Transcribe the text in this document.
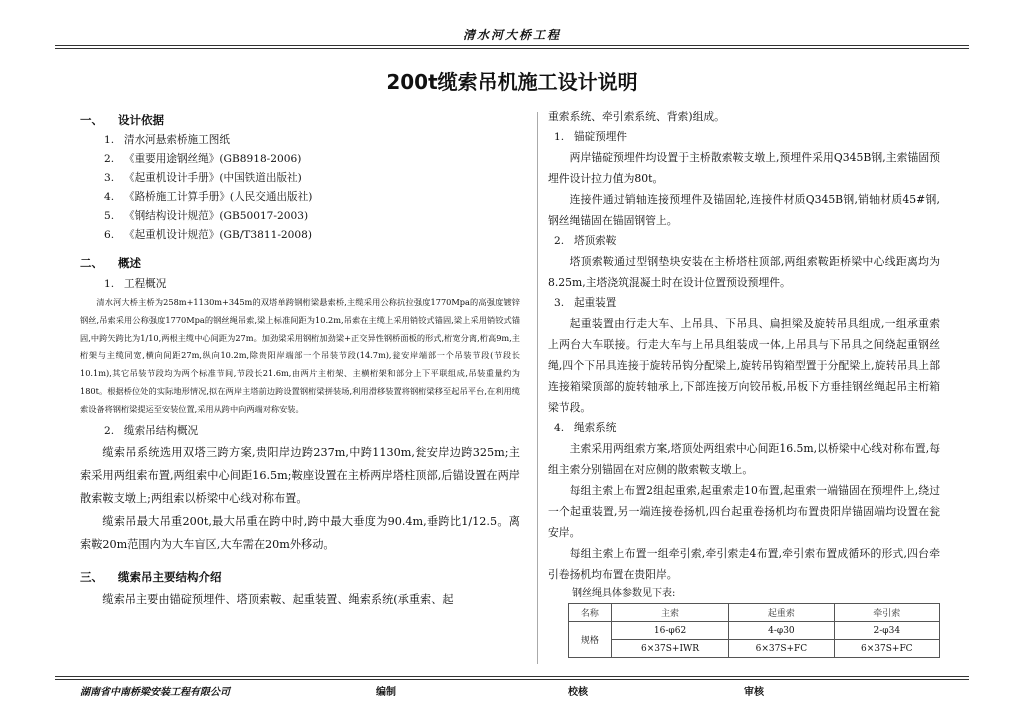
清水河大桥工程
200t缆索吊机施工设计说明
一、	设计依据
1. 清水河悬索桥施工图纸
2. 《重要用途钢丝绳》(GB8918-2006)
3. 《起重机设计手册》(中国铁道出版社)
4. 《路桥施工计算手册》(人民交通出版社)
5. 《钢结构设计规范》(GB50017-2003)
6. 《起重机设计规范》(GB/T3811-2008)
二、	概述
1. 工程概况

清水河大桥主桥为258m+1130m+345m的双塔单跨钢桁梁悬索桥,主缆采用公称抗拉强度1770Mpa的高强度镀锌钢丝,吊索采用公称强度1770Mpa的钢丝绳吊索,梁上标准间距为10.2m,吊索在主缆上采用销铰式锚固,梁上采用销铰式锚固,中跨矢跨比为1/10,两根主缆中心间距为27m。加劲梁采用钢桁加劲梁+正交异性钢桥面板的形式,桁宽分离,桁高9m,主桁架与主缆同宽,横向间距27m,纵向10.2m,除贵阳岸端部一个吊装节段(14.7m),瓮安岸端部一个吊装节段(节段长10.1m),其它吊装节段均为两个标准节间,节段长21.6m,由两片主桁架、主横桁架和部分上下平联组成,吊装重量约为180t。根据桥位处的实际地形情况,拟在两岸主塔前边跨设置钢桁梁拼装场,利用滑移装置将钢桁梁移至起吊平台,在利用缆索设备将钢桁梁提运至安装位置,采用从跨中向两端对称安装。

2. 缆索吊结构概况

缆索吊系统选用双塔三跨方案,贵阳岸边跨237m,中跨1130m,瓮安岸边跨325m;主索采用两组索布置,两组索中心间距16.5m;鞍座设置在主桥两岸塔柱顶部,后锚设置在两岸散索鞍支墩上;两组索以桥梁中心线对称布置。

缆索吊最大吊重200t,最大吊重在跨中时,跨中最大垂度为90.4m,垂跨比1/12.5。离索鞍20m范围内为大车盲区,大车需在20m外移动。

三、	缆索吊主要结构介绍

缆索吊主要由锚碇预埋件、塔顶索鞍、起重装置、绳索系统(承重索、起

重索系统、牵引索系统、背索)组成。

1. 锚碇预埋件

两岸锚碇预埋件均设置于主桥散索鞍支墩上,预埋件采用Q345B钢,主索锚固预埋件设计拉力值为80t。

连接件通过销轴连接预埋件及锚固轮,连接件材质Q345B钢,销轴材质45#钢,钢丝绳锚固在锚固钢管上。

2. 塔顶索鞍

塔顶索鞍通过型钢垫块安装在主桥塔柱顶部,两组索鞍距桥梁中心线距离均为8.25m,主塔浇筑混凝土时在设计位置预设预埋件。

3. 起重装置

起重装置由行走大车、上吊具、下吊具、扁担梁及旋转吊具组成,一组承重索上两台大车联接。行走大车与上吊具组装成一体,上吊具与下吊具之间绕起重钢丝绳,四个下吊具连接于旋转吊钩分配梁上,旋转吊钩箱型置于分配梁上,旋转吊具上部连接箱梁顶部的旋转轴承上,下部连接万向铰吊板,吊板下方垂挂钢丝绳起吊主桁箱梁节段。

4. 绳索系统

主索采用两组索方案,塔顶处两组索中心间距16.5m,以桥梁中心线对称布置,每组主索分别锚固在对应侧的散索鞍支墩上。

每组主索上布置2组起重索,起重索走10布置,起重索一端锚固在预埋件上,绕过一个起重装置,另一端连接卷扬机,四台起重卷扬机均布置贵阳岸锚固端均设置在瓮安岸。

每组主索上布置一组牵引索,牵引索走4布置,牵引索布置成循环的形式,四台牵引卷扬机均布置在贵阳岸。

钢丝绳具体参数见下表:
名称	主索	起重索	牵引索
规格	16-φ62	4-φ30	2-φ34
	6×37S+IWR	6×37S+FC	6×37S+FC
湖南省中南桥梁安装工程有限公司	编制	校核	审核
